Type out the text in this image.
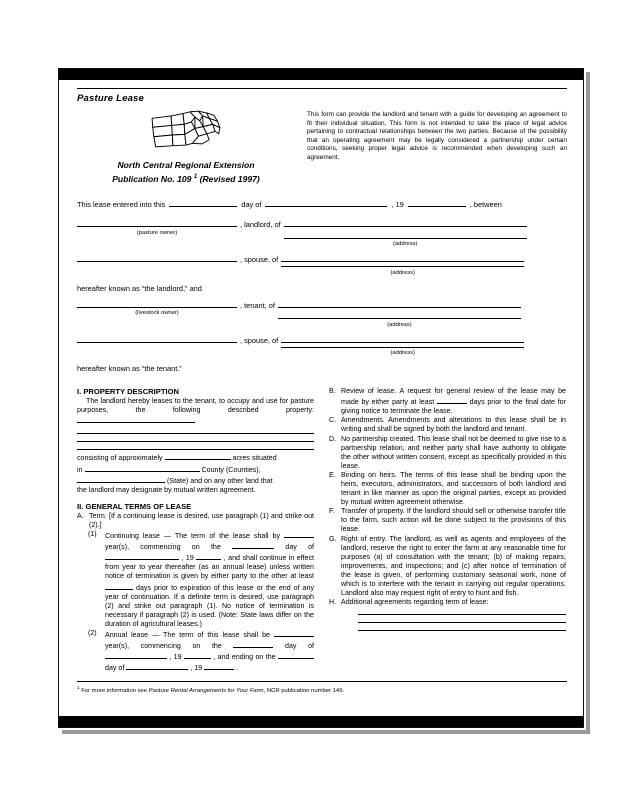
Pasture Lease
North Central Regional Extension
Publication No. 109 $^1$ (Revised 1997)
This form can provide the landlord and tenant with a guide for developing an agreement to fit their individual situation. This form is not intended to take the place of legal advice pertaining to contractual relationships between the two parties. Because of the possibility that an operating agreement may be legally considered a partnership under certain conditions, seeking proper legal advice is recommended when developing such an agreement.
This lease entered into this	day of	, 19	, between
(pasture owner)
, landlord, of
(address)
, spouse, of
(address)
hereafter known as “the landlord,” and
(livestock owner)
, tenant, of
(address)
, spouse, of
(address)
hereafter known as “the tenant.”
I. PROPERTY DESCRIPTION
The landlord hereby leases to the tenant, to occupy and use for pasture purposes, the following described property:
consisting of approximately	acres situated
in	County (Counties),
(State) and on any other land that
the landlord may designate by mutual written agreement.
II. GENERAL TERMS OF LEASE
A. Term. [If a continuing lease is desired, use paragraph (1) and strike out (2).]
(1)	Continuing lease — The term of the lease shall by  year(s), commencing on the	day of  , 19	, and shall continue in effect from year to year thereafter (as an annual lease) unless written notice of termination is given by either party to the other at least  days prior to expiration of this lease or the end of any year of continuation. If a definite term is desired, use paragraph (2) and strike out paragraph (1). No notice of termination is necessary if paragraph (2) is used. (Note: State laws differ on the duration of agricultural leases.)
(2)	Annual lease — The term of this lease shall be  year(s), commencing on the	day of  , 19	, and ending on the  day of	, 19	.
B. Review of lease. A request for general review of the lease may be made by either party at least	days prior to the final date for giving notice to terminate the lease.
C. Amendments. Amendments and alterations to this lease shall be in writing and shall be signed by both the landlord and tenant.
D. No partnership created. This lease shall not be deemed to give rise to a partnership relation, and neither party shall have authority to obligate the other without written consent, except as specifically provided in this lease.
E. Binding on heirs. The terms of this lease shall be binding upon the heirs, executors, administrators, and successors of both landlord and tenant in like manner as upon the original parties, except as provided by mutual written agreement otherwise.
F. Transfer of property. If the landlord should sell or otherwise transfer title to the farm, such action will be done subject to the provisions of this lease.
G. Right of entry. The landlord, as well as agents and employees of the landlord, reserve the right to enter the farm at any reasonable time for purposes (a) of consultation with the tenant; (b) of making repairs, improvements, and inspections; and (c) after notice of termination of the lease is given, of performing customary seasonal work, none of which is to interfere with the tenant in carrying out regular operations. Landlord also may request right of entry to hunt and fish.
H. Additional agreements regarding term of lease:
$^1$ For more information see Pasture Rental Arrangements for Your Farm, NCR publication number 149.
